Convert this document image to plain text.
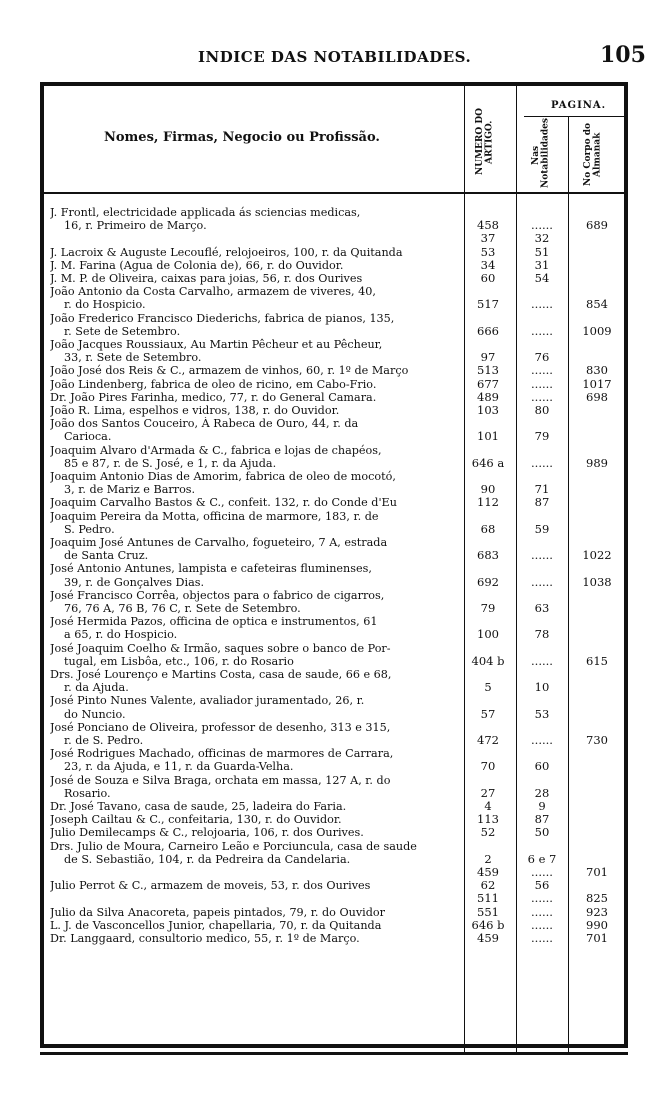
INDICE DAS NOTABILIDADES.	105
Nomes, Firmas, Negocio ou Profissão.	NUMERO DO ARTIGO.
PAGINA.
Nas Notabilidades	No Corpo do Almanak
J. Frontl, electricidade applicada ás sciencias medicas,
16, r. Primeiro de Março.	458	......	689
37	32
J. Lacroix & Auguste Lecouflé, relojoeiros, 100, r. da Quitanda	53	51
J. M. Farina (Agua de Colonia de), 66, r. do Ouvidor.	34	31
J. M. P. de Oliveira, caixas para joias, 56, r. dos Ourives	60	54
João Antonio da Costa Carvalho, armazem de viveres, 40,
r. do Hospicio.	517	......	854
João Frederico Francisco Diederichs, fabrica de pianos, 135,
r. Sete de Setembro.	666	......	1009
João Jacques Roussiaux, Au Martin Pêcheur et au Pêcheur,
33, r. Sete de Setembro.	97	76
João José dos Reis & C., armazem de vinhos, 60, r. 1º de Março	513	......	830
João Lindenberg, fabrica de oleo de ricino, em Cabo-Frio.	677	......	1017
Dr. João Pires Farinha, medico, 77, r. do General Camara.	489	......	698
João R. Lima, espelhos e vidros, 138, r. do Ouvidor.	103	80
João dos Santos Couceiro, À Rabeca de Ouro, 44, r. da
Carioca.	101	79
Joaquim Alvaro d'Armada & C., fabrica e lojas de chapéos,
85 e 87, r. de S. José, e 1, r. da Ajuda.	646 a	......	989
Joaquim Antonio Dias de Amorim, fabrica de oleo de mocotó,
3, r. de Mariz e Barros.	90	71
Joaquim Carvalho Bastos & C., confeit. 132, r. do Conde d'Eu	112	87
Joaquim Pereira da Motta, officina de marmore, 183, r. de
S. Pedro.	68	59
Joaquim José Antunes de Carvalho, fogueteiro, 7 A, estrada
de Santa Cruz.	683	......	1022
José Antonio Antunes, lampista e cafeteiras fluminenses,
39, r. de Gonçalves Dias.	692	......	1038
José Francisco Corrêa, objectos para o fabrico de cigarros,
76, 76 A, 76 B, 76 C, r. Sete de Setembro.	79	63
José Hermida Pazos, officina de optica e instrumentos, 61
a 65, r. do Hospicio.	100	78
José Joaquim Coelho & Irmão, saques sobre o banco de Por-
tugal, em Lisbôa, etc., 106, r. do Rosario	404 b	......	615
Drs. José Lourenço e Martins Costa, casa de saude, 66 e 68,
r. da Ajuda.	5	10
José Pinto Nunes Valente, avaliador juramentado, 26, r.
do Nuncio.	57	53
José Ponciano de Oliveira, professor de desenho, 313 e 315,
r. de S. Pedro.	472	......	730
José Rodrigues Machado, officinas de marmores de Carrara,
23, r. da Ajuda, e 11, r. da Guarda-Velha.	70	60
José de Souza e Silva Braga, orchata em massa, 127 A, r. do
Rosario.	27	28
Dr. José Tavano, casa de saude, 25, ladeira do Faria.	4	9
Joseph Cailtau & C., confeitaria, 130, r. do Ouvidor.	113	87
Julio Demilecamps & C., relojoaria, 106, r. dos Ourives.	52	50
Drs. Julio de Moura, Carneiro Leão e Porciuncula, casa de saude
de S. Sebastião, 104, r. da Pedreira da Candelaria.	2	6 e 7
459	......	701
Julio Perrot & C., armazem de moveis, 53, r. dos Ourives	62	56
511	......	825
Julio da Silva Anacoreta, papeis pintados, 79, r. do Ouvidor	551	......	923
L. J. de Vasconcellos Junior, chapellaria, 70, r. da Quitanda	646 b	......	990
Dr. Langgaard, consultorio medico, 55, r. 1º de Março.	459	......	701
